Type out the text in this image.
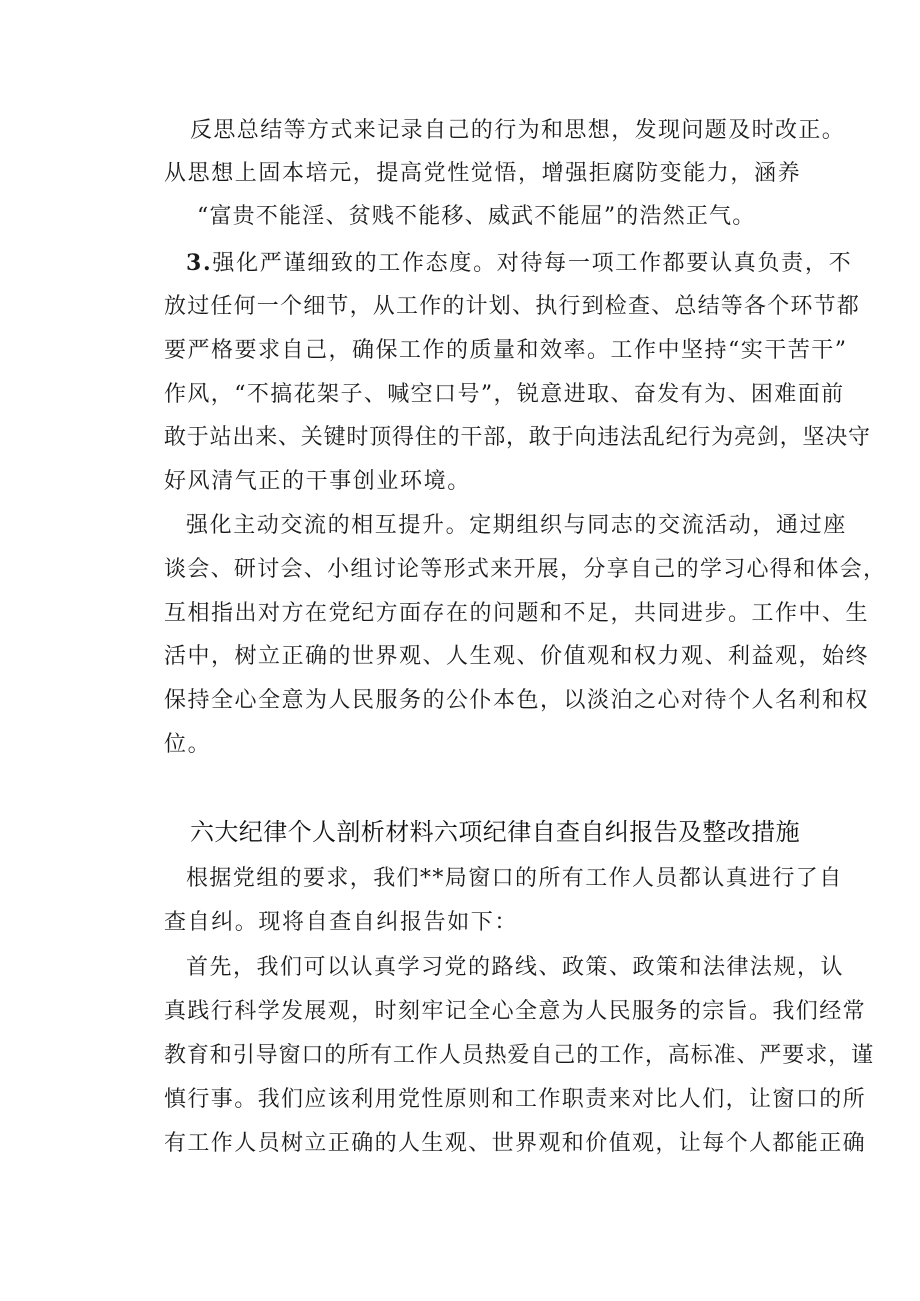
反思总结等方式来记录自己的行为和思想，发现问题及时改正。
从思想上固本培元，提高党性觉悟，增强拒腐防变能力，涵养
“富贵不能淫、贫贱不能移、威武不能屈”的浩然正气。
3.强化严谨细致的工作态度。对待每一项工作都要认真负责，不
放过任何一个细节，从工作的计划、执行到检查、总结等各个环节都
要严格要求自己，确保工作的质量和效率。工作中坚持“实干苦干”
作风，“不搞花架子、喊空口号”，锐意进取、奋发有为、困难面前
敢于站出来、关键时顶得住的干部，敢于向违法乱纪行为亮剑，坚决守
好风清气正的干事创业环境。
强化主动交流的相互提升。定期组织与同志的交流活动，通过座
谈会、研讨会、小组讨论等形式来开展，分享自己的学习心得和体会，
互相指出对方在党纪方面存在的问题和不足，共同进步。工作中、生
活中，树立正确的世界观、人生观、价值观和权力观、利益观，始终
保持全心全意为人民服务的公仆本色，以淡泊之心对待个人名利和权
位。
六大纪律个人剖析材料六项纪律自查自纠报告及整改措施
根据党组的要求，我们**局窗口的所有工作人员都认真进行了自
查自纠。现将自查自纠报告如下：
首先，我们可以认真学习党的路线、政策、政策和法律法规，认
真践行科学发展观，时刻牢记全心全意为人民服务的宗旨。我们经常
教育和引导窗口的所有工作人员热爱自己的工作，高标准、严要求，谨
慎行事。我们应该利用党性原则和工作职责来对比人们，让窗口的所
有工作人员树立正确的人生观、世界观和价值观，让每个人都能正确
